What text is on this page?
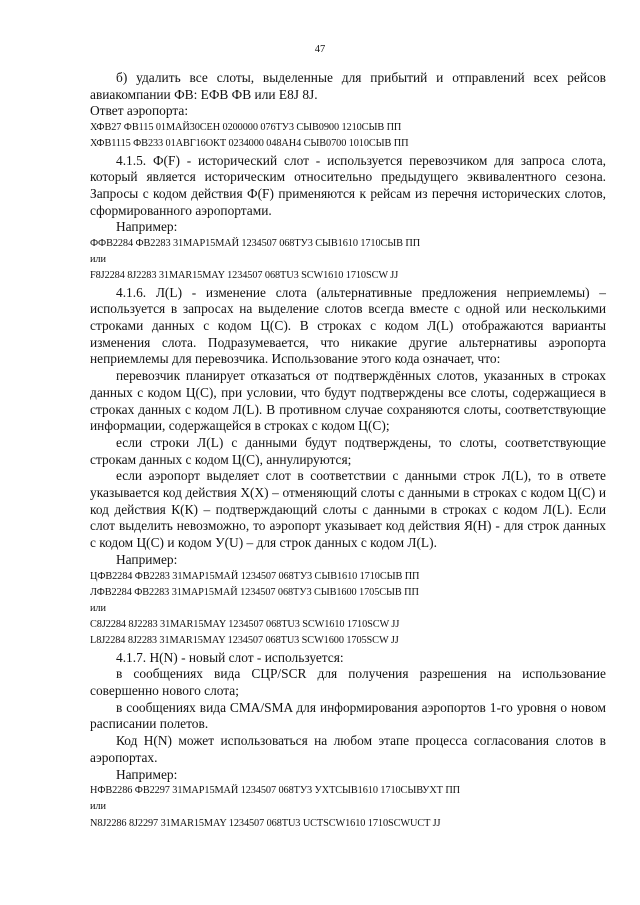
47

б) удалить все слоты, выделенные для прибытий и отправлений всех рейсов авиакомпании ФВ: ЕФВ ФВ или E8J 8J.

Ответ аэропорта:

ХФВ27 ФВ115 01МАЙ30СЕН 0200000 076ТУ3 СЫВ0900 1210СЫВ ПП

ХФВ1115 ФВ233 01АВГ16ОКТ 0234000 048АН4 СЫВ0700 1010СЫВ ПП

4.1.5. Ф(F) - исторический слот - используется перевозчиком для запроса слота, который является историческим относительно предыдущего эквивалентного сезона. Запросы с кодом действия Ф(F) применяются к рейсам из перечня исторических слотов, сформированного аэропортами.

Например:

ФФВ2284 ФВ2283 31МАР15МАЙ 1234507 068ТУ3 СЫВ1610 1710СЫВ ПП

или

F8J2284 8J2283 31MAR15MAY 1234507 068TU3 SCW1610 1710SCW JJ

4.1.6. Л(L) - изменение слота (альтернативные предложения неприемлемы) – используется в запросах на выделение слотов всегда вместе с одной или несколькими строками данных с кодом Ц(С). В строках с кодом Л(L) отображаются варианты изменения слота. Подразумевается, что никакие другие альтернативы аэропорта неприемлемы для перевозчика. Использование этого кода означает, что:

перевозчик планирует отказаться от подтверждённых слотов, указанных в строках данных с кодом Ц(С), при условии, что будут подтверждены все слоты, содержащиеся в строках данных с кодом Л(L). В противном случае сохраняются слоты, соответствующие информации, содержащейся в строках с кодом Ц(С);

если строки Л(L) с данными будут подтверждены, то слоты, соответствующие строкам данных с кодом Ц(С), аннулируются;

если аэропорт выделяет слот в соответствии с данными строк Л(L), то в ответе указывается код действия Х(Х) – отменяющий слоты с данными в строках с кодом Ц(С) и код действия К(К) – подтверждающий слоты с данными в строках с кодом Л(L). Если слот выделить невозможно, то аэропорт указывает код действия Я(Н) - для строк данных с кодом Ц(С) и кодом У(U) – для строк данных с кодом Л(L).

Например:

ЦФВ2284 ФВ2283 31МАР15МАЙ 1234507 068ТУ3 СЫВ1610 1710СЫВ ПП

ЛФВ2284 ФВ2283 31МАР15МАЙ 1234507 068ТУ3 СЫВ1600 1705СЫВ ПП

или

C8J2284 8J2283 31MAR15MAY 1234507 068TU3 SCW1610 1710SCW JJ

L8J2284 8J2283 31MAR15MAY 1234507 068TU3 SCW1600 1705SCW JJ

4.1.7. Н(N) - новый слот - используется:

в сообщениях вида СЦР/SCR для получения разрешения на использование совершенно нового слота;

в сообщениях вида СМА/SMA для информирования аэропортов 1-го уровня о новом расписании полетов.

Код Н(N) может использоваться на любом этапе процесса согласования слотов в аэропортах.

Например:

НФВ2286 ФВ2297 31МАР15МАЙ 1234507 068ТУ3 УХТСЫВ1610 1710СЫВУХТ ПП

или

N8J2286 8J2297 31MAR15MAY 1234507 068TU3 UCTSCW1610 1710SCWUCT JJ
